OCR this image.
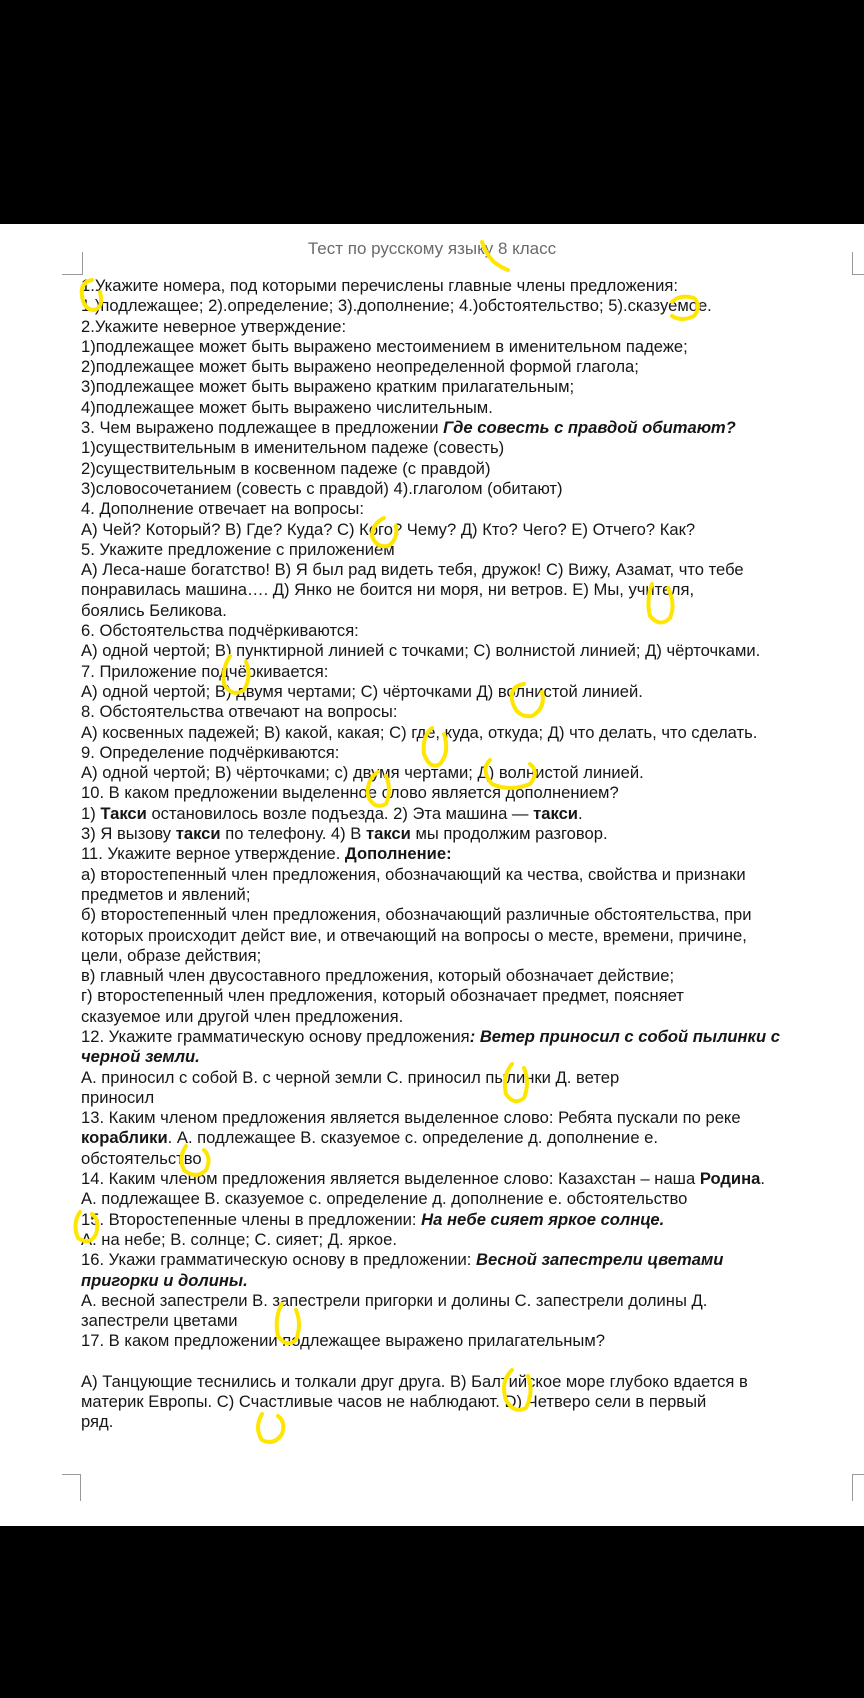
Тест по русскому языку 8 класс

1.Укажите номера, под которыми перечислены главные члены предложения:

1.)подлежащее; 2).определение; 3).дополнение; 4.)обстоятельство; 5).сказуемое.

2.Укажите неверное утверждение:

1)подлежащее может быть выражено местоимением в именительном падеже;

2)подлежащее может быть выражено неопределенной формой глагола;

3)подлежащее может быть выражено кратким прилагательным;

4)подлежащее может быть выражено числительным.

3. Чем выражено подлежащее в предложении Где совесть с правдой обитают?

1)существительным в именительном падеже (совесть)

2)существительным в косвенном падеже (с правдой)

3)словосочетанием (совесть с правдой) 4).глаголом (обитают)

4. Дополнение отвечает на вопросы:

А) Чей? Который? В) Где? Куда? С) Кого? Чему? Д) Кто? Чего? Е) Отчего? Как?

5. Укажите предложение с приложением

А) Леса-наше богатство! В) Я был рад видеть тебя, дружок! С) Вижу, Азамат, что тебе

понравилась машина…. Д) Янко не боится ни моря, ни ветров. Е) Мы, учителя,

боялись Беликова.

6. Обстоятельства подчёркиваются:

А) одной чертой; В) пунктирной линией с точками; С) волнистой линией; Д) чёрточками.

7. Приложение подчёркивается:

А) одной чертой; В) двумя чертами; С) чёрточками Д) волнистой линией.

8. Обстоятельства отвечают на вопросы:

А) косвенных падежей; В) какой, какая; С) где, куда, откуда; Д) что делать, что сделать.

9. Определение подчёркиваются:

А) одной чертой; В) чёрточками; с) двумя чертами; Д) волнистой линией.

10. В каком предложении выделенное слово является дополнением?

1) Такси остановилось возле подъезда. 2) Эта машина — такси.

3) Я вызову такси по телефону. 4) В такси мы продолжим разговор.

11. Укажите верное утверждение. Дополнение:

а) второстепенный член предложения, обозначающий ка чества, свойства и признаки

предметов и явлений;

б) второстепенный член предложения, обозначающий различные обстоятельства, при

которых происходит дейст вие, и отвечающий на вопросы о месте, времени, причине,

цели, образе действия;

в) главный член двусоставного предложения, который обозначает действие;

г) второстепенный член предложения, который обозначает предмет, поясняет

сказуемое или другой член предложения.

12. Укажите грамматическую основу предложения: Ветер приносил с собой пылинки с

черной земли.

А. приносил с собой В. с черной земли С. приносил пылинки Д. ветер

приносил

13. Каким членом предложения является выделенное слово: Ребята пускали по реке

кораблики. А. подлежащее В. сказуемое с. определение д. дополнение е.

обстоятельство

14. Каким членом предложения является выделенное слово: Казахстан – наша Родина.

А. подлежащее В. сказуемое с. определение д. дополнение е. обстоятельство

15. Второстепенные члены в предложении: На небе сияет яркое солнце.

А. на небе; В. солнце; С. сияет; Д. яркое.

16. Укажи грамматическую основу в предложении: Весной запестрели цветами

пригорки и долины.

А. весной запестрели В. запестрели пригорки и долины С. запестрели долины Д.

запестрели цветами

17. В каком предложении подлежащее выражено прилагательным?

А) Танцующие теснились и толкали друг друга. В) Балтийское море глубоко вдается в

материк Европы. С) Счастливые часов не наблюдают. D) Четверо сели в первый

ряд.
